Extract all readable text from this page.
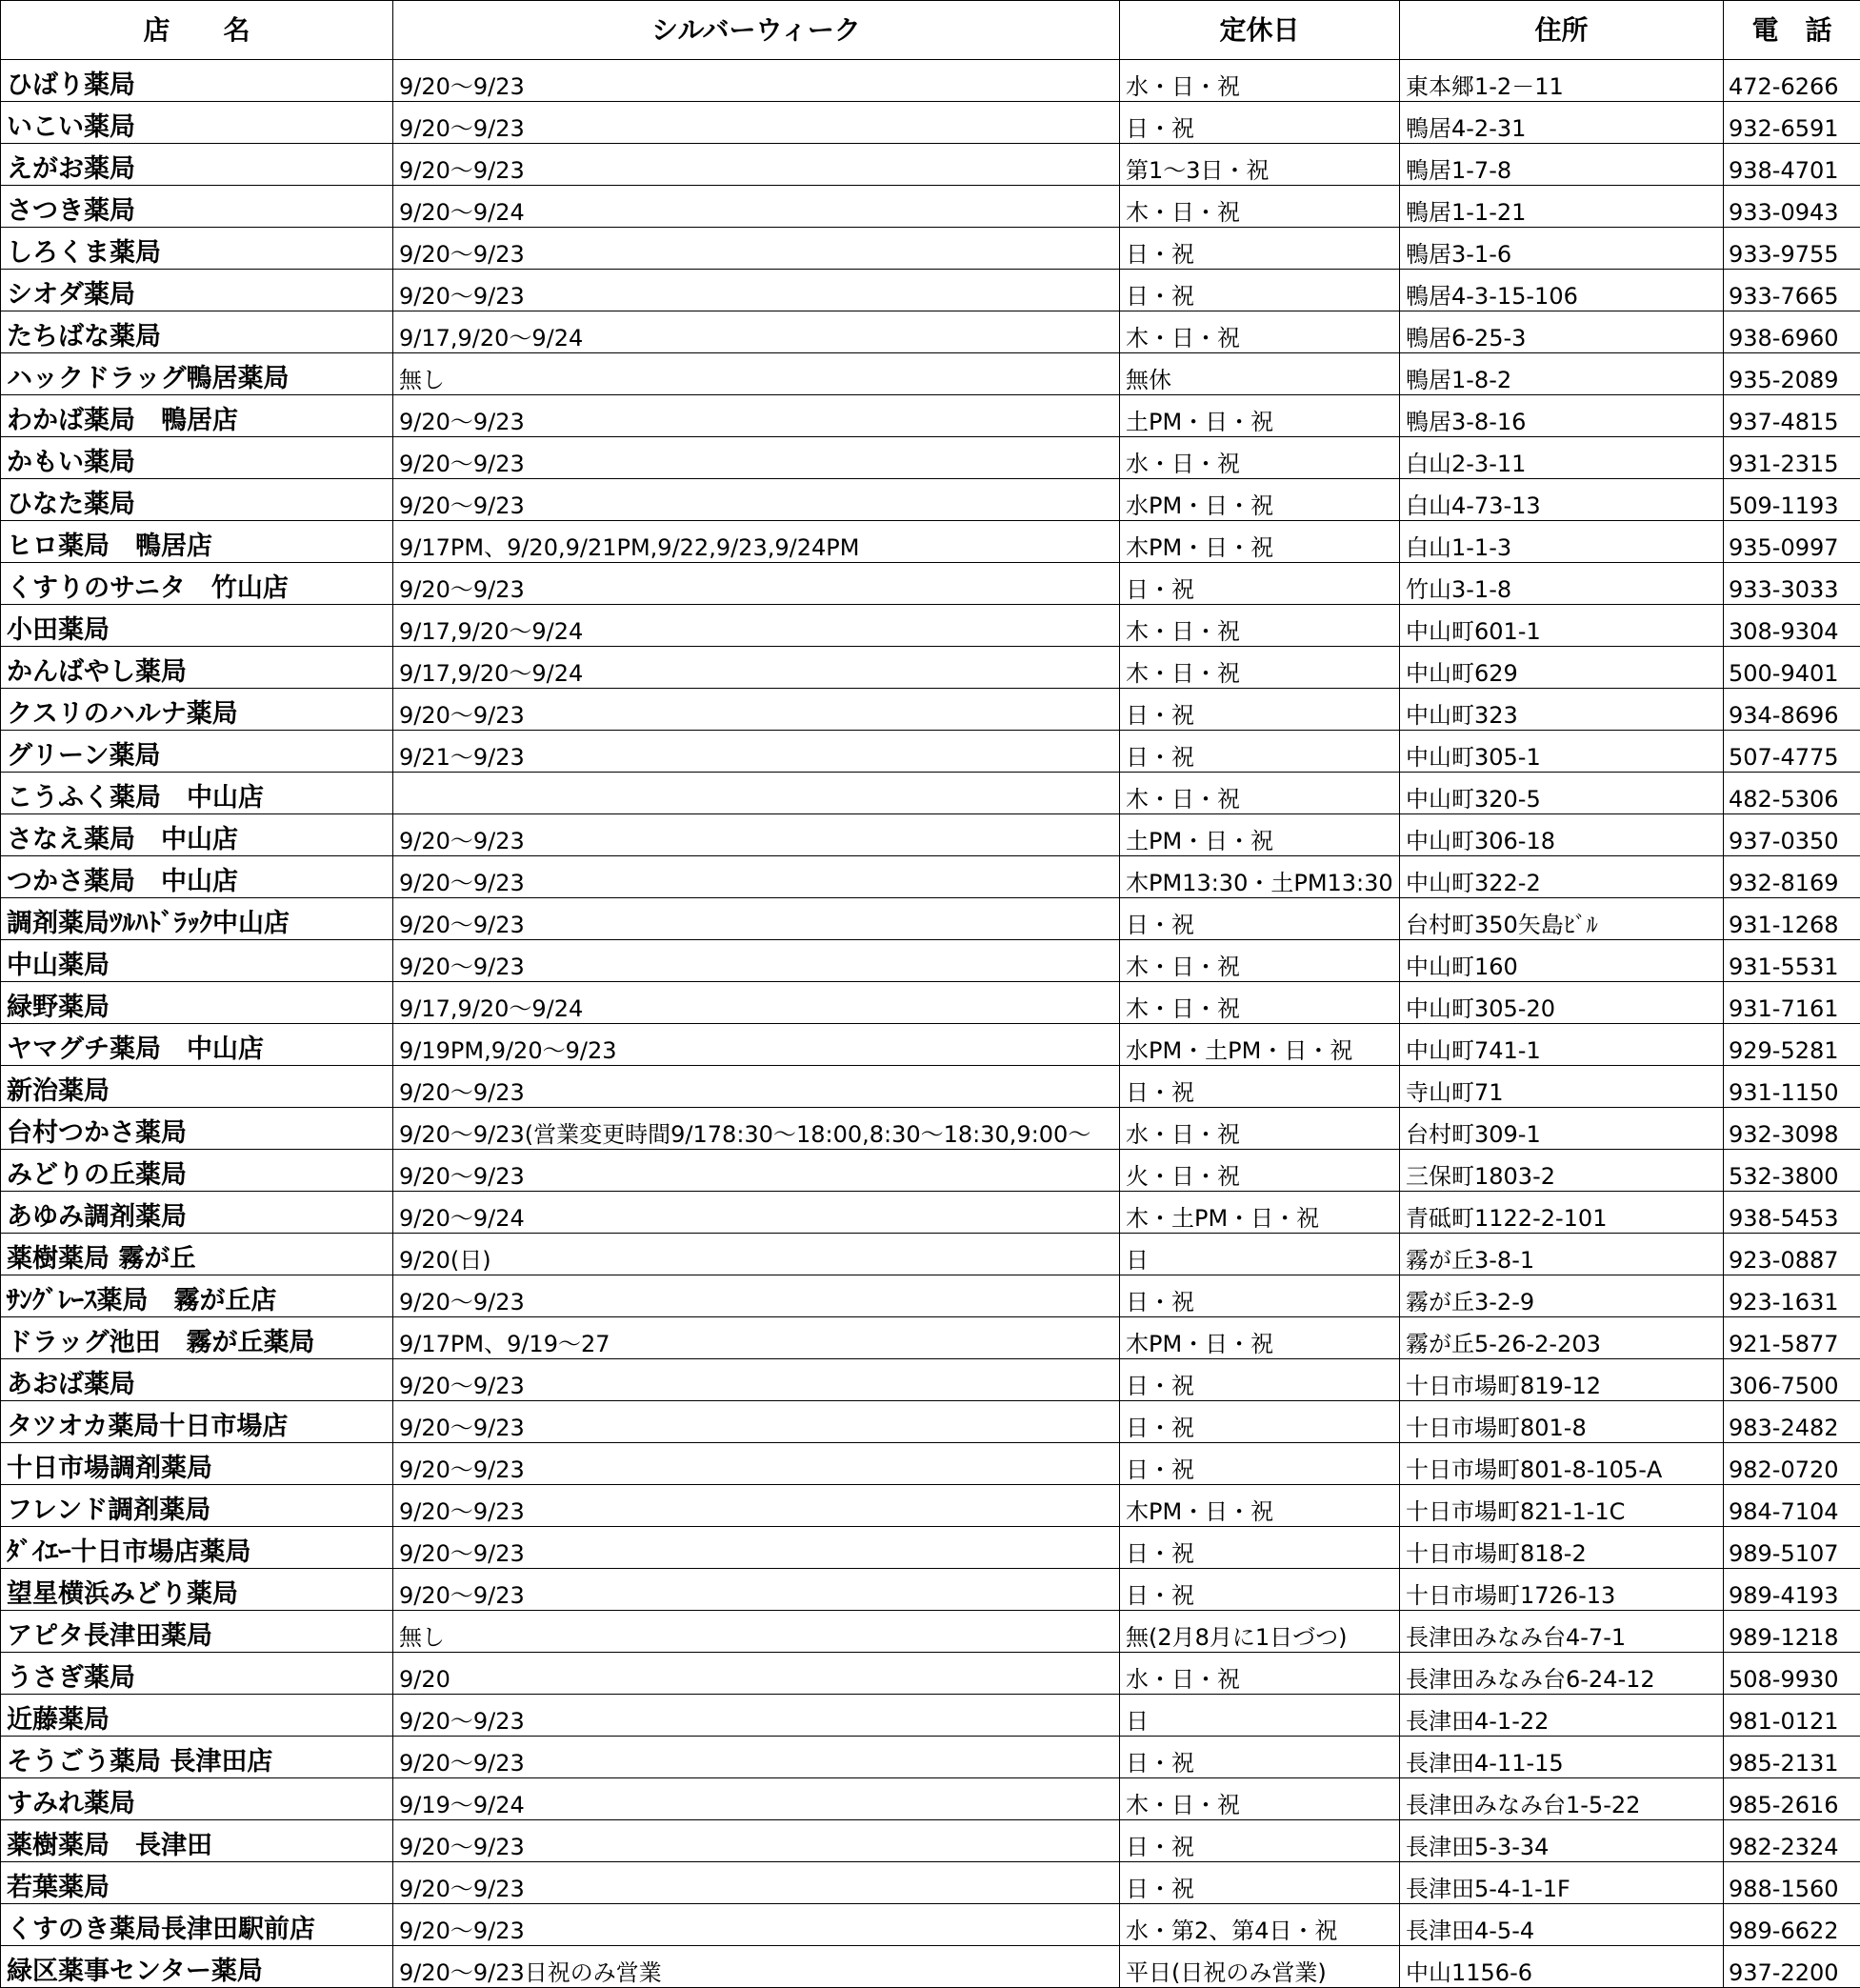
店　　名	シルバーウィーク	定休日	住所	電　話
ひばり薬局	9/20～9/23	水・日・祝	東本郷1-2－11	472-6266
いこい薬局	9/20～9/23	日・祝	鴨居4-2-31	932-6591
えがお薬局	9/20～9/23	第1～3日・祝	鴨居1-7-8	938-4701
さつき薬局	9/20～9/24	木・日・祝	鴨居1-1-21	933-0943
しろくま薬局	9/20～9/23	日・祝	鴨居3-1-6	933-9755
シオダ薬局	9/20～9/23	日・祝	鴨居4-3-15-106	933-7665
たちばな薬局	9/17,9/20～9/24	木・日・祝	鴨居6-25-3	938-6960
ハックドラッグ鴨居薬局	無し	無休	鴨居1-8-2	935-2089
わかば薬局　鴨居店	9/20～9/23	土PM・日・祝	鴨居3-8-16	937-4815
かもい薬局	9/20～9/23	水・日・祝	白山2-3-11	931-2315
ひなた薬局	9/20～9/23	水PM・日・祝	白山4-73-13	509-1193
ヒロ薬局　鴨居店	9/17PM、9/20,9/21PM,9/22,9/23,9/24PM	木PM・日・祝	白山1-1-3	935-0997
くすりのサニタ　竹山店	9/20～9/23	日・祝	竹山3-1-8	933-3033
小田薬局	9/17,9/20～9/24	木・日・祝	中山町601-1	308-9304
かんばやし薬局	9/17,9/20～9/24	木・日・祝	中山町629	500-9401
クスリのハルナ薬局	9/20～9/23	日・祝	中山町323	934-8696
グリーン薬局	9/21～9/23	日・祝	中山町305-1	507-4775
こうふく薬局　中山店		木・日・祝	中山町320-5	482-5306
さなえ薬局　中山店	9/20～9/23	土PM・日・祝	中山町306-18	937-0350
つかさ薬局　中山店	9/20～9/23	木PM13:30・土PM13:30	中山町322-2	932-8169
調剤薬局ﾂﾙﾊﾄﾞﾗｯｸ中山店	9/20～9/23	日・祝	台村町350矢島ﾋﾞﾙ	931-1268
中山薬局	9/20～9/23	木・日・祝	中山町160	931-5531
緑野薬局	9/17,9/20～9/24	木・日・祝	中山町305-20	931-7161
ヤマグチ薬局　中山店	9/19PM,9/20～9/23	水PM・土PM・日・祝	中山町741-1	929-5281
新治薬局	9/20～9/23	日・祝	寺山町71	931-1150
台村つかさ薬局	9/20～9/23(営業変更時間9/178:30～18:00,8:30～18:30,9:00～	水・日・祝	台村町309-1	932-3098
みどりの丘薬局	9/20～9/23	火・日・祝	三保町1803-2	532-3800
あゆみ調剤薬局	9/20～9/24	木・土PM・日・祝	青砥町1122-2-101	938-5453
薬樹薬局 霧が丘	9/20(日)	日	霧が丘3-8-1	923-0887
ｻﾝｸﾞﾚｰｽ薬局　霧が丘店	9/20～9/23	日・祝	霧が丘3-2-9	923-1631
ドラッグ池田　霧が丘薬局	9/17PM、9/19～27	木PM・日・祝	霧が丘5-26-2-203	921-5877
あおば薬局	9/20～9/23	日・祝	十日市場町819-12	306-7500
タツオカ薬局十日市場店	9/20～9/23	日・祝	十日市場町801-8	983-2482
十日市場調剤薬局	9/20～9/23	日・祝	十日市場町801-8-105-A	982-0720
フレンド調剤薬局	9/20～9/23	木PM・日・祝	十日市場町821-1-1C	984-7104
ﾀﾞｲｴｰ十日市場店薬局	9/20～9/23	日・祝	十日市場町818-2	989-5107
望星横浜みどり薬局	9/20～9/23	日・祝	十日市場町1726-13	989-4193
アピタ長津田薬局	無し	無(2月8月に1日づつ)	長津田みなみ台4-7-1	989-1218
うさぎ薬局	9/20	水・日・祝	長津田みなみ台6-24-12	508-9930
近藤薬局	9/20～9/23	日	長津田4-1-22	981-0121
そうごう薬局 長津田店	9/20～9/23	日・祝	長津田4-11-15	985-2131
すみれ薬局	9/19～9/24	木・日・祝	長津田みなみ台1-5-22	985-2616
薬樹薬局　長津田	9/20～9/23	日・祝	長津田5-3-34	982-2324
若葉薬局	9/20～9/23	日・祝	長津田5-4-1-1F	988-1560
くすのき薬局長津田駅前店	9/20～9/23	水・第2、第4日・祝	長津田4-5-4	989-6622
緑区薬事センター薬局	9/20～9/23日祝のみ営業	平日(日祝のみ営業)	中山1156-6	937-2200
